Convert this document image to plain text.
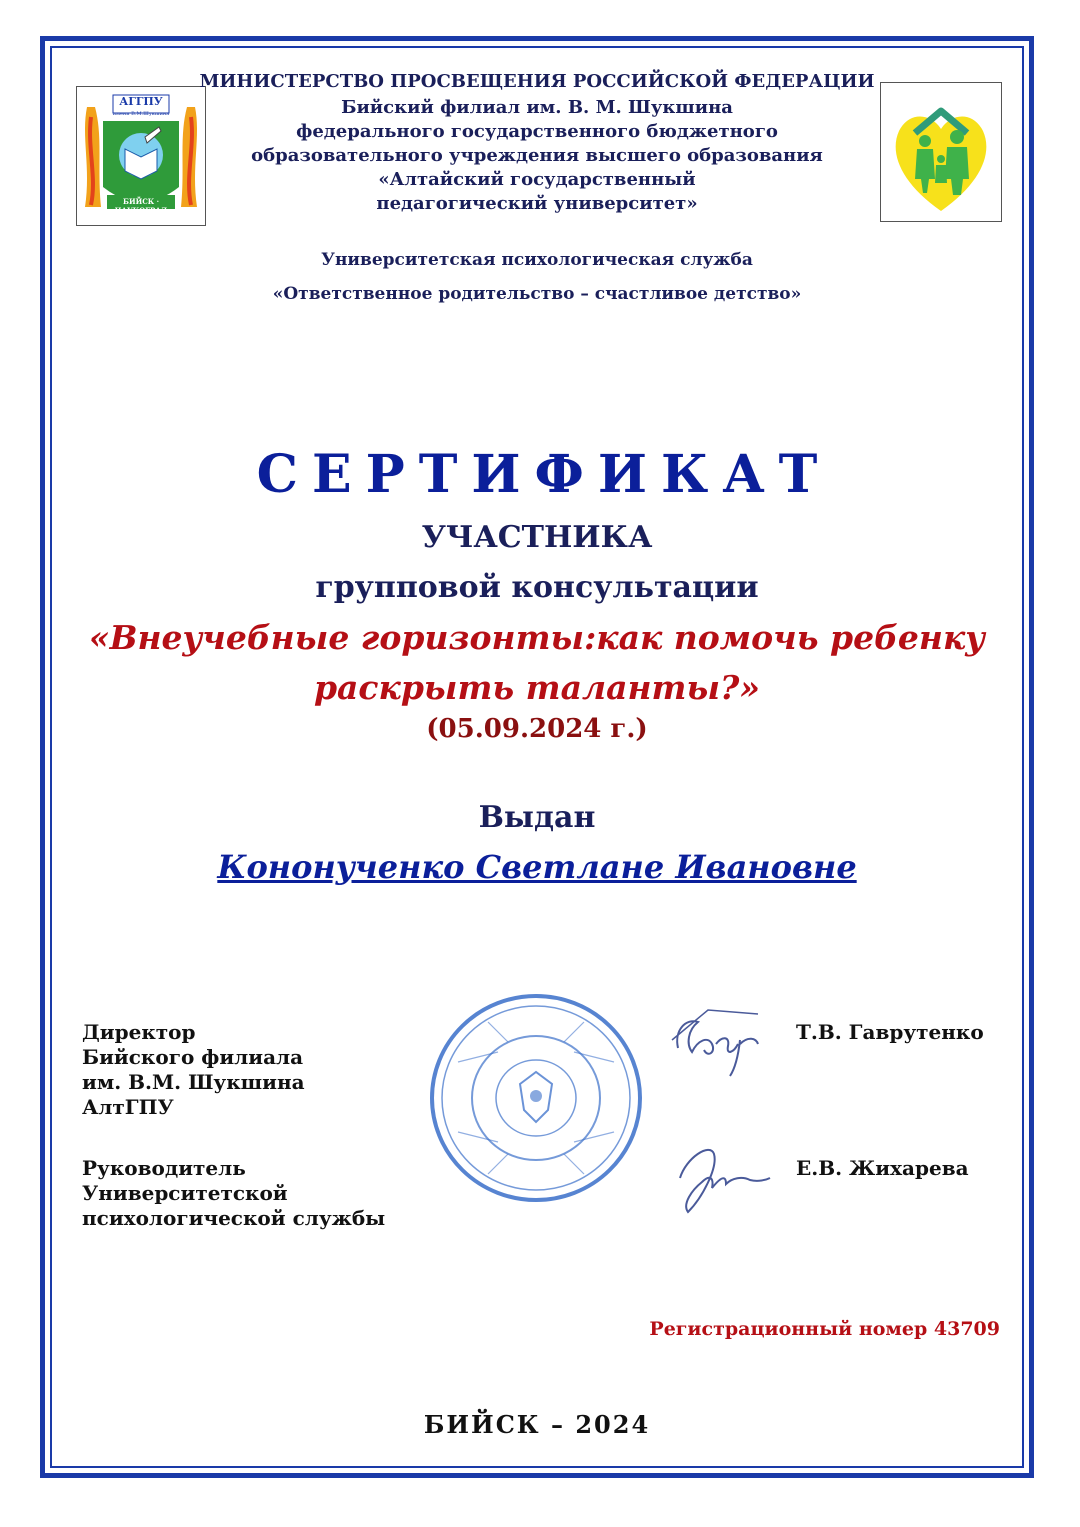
АГГПУ
имени В.М.Шукшина
БИЙСК · НАУКОГРАД
МИНИСТЕРСТВО ПРОСВЕЩЕНИЯ РОССИЙСКОЙ ФЕДЕРАЦИИ
Бийский филиал им. В. М. Шукшина
федерального государственного бюджетного
образовательного учреждения высшего образования
«Алтайский государственный
педагогический университет»
Университетская психологическая служба
«Ответственное родительство – счастливое детство»
СЕРТИФИКАТ
УЧАСТНИКА
групповой консультации
«Внеучебные горизонты:как помочь ребенку
раскрыть таланты?»
(05.09.2024 г.)
Выдан
Кононученко Светлане Ивановне
Директор
Бийского филиала
им. В.М. Шукшина
АлтГПУ
Руководитель
Университетской
психологической службы
Т.В. Гаврутенко
Е.В. Жихарева
Регистрационный номер 43709
БИЙСК – 2024
